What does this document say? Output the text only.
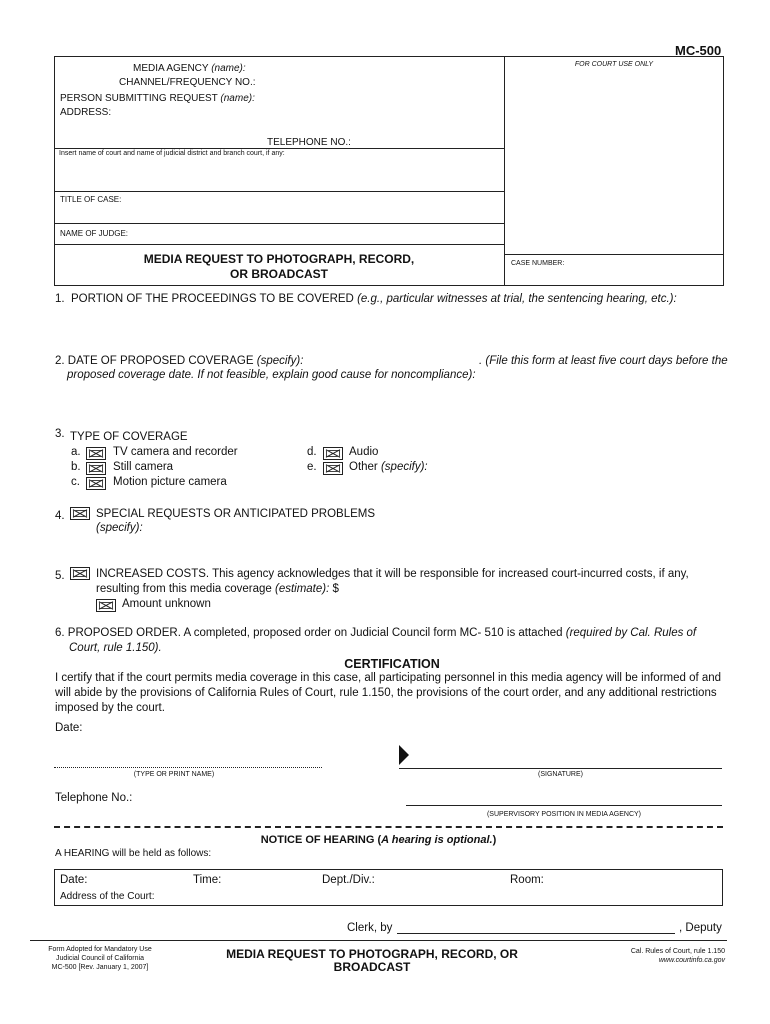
MC-500
MEDIA AGENCY (name):
CHANNEL/FREQUENCY NO.:
PERSON SUBMITTING REQUEST (name):
ADDRESS:
TELEPHONE NO.:
Insert name of court and name of judicial district and branch court, if any:
TITLE OF CASE:
NAME OF JUDGE:
MEDIA REQUEST TO PHOTOGRAPH, RECORD,
OR BROADCAST
FOR COURT USE ONLY
CASE NUMBER:
1. PORTION OF THE PROCEEDINGS TO BE COVERED (e.g., particular witnesses at trial, the sentencing hearing, etc.):
2. DATE OF PROPOSED COVERAGE (specify):	. (File this form at least five court days before the
proposed coverage date. If not feasible, explain good cause for noncompliance):
3. TYPE OF COVERAGE
a.	TV camera and recorder
b.	Still camera
c.	Motion picture camera
d.	Audio
e.	Other (specify):
4.	SPECIAL REQUESTS OR ANTICIPATED PROBLEMS
(specify):
5.	INCREASED COSTS. This agency acknowledges that it will be responsible for increased court-incurred costs, if any,
resulting from this media coverage (estimate): $
Amount unknown
6. PROPOSED ORDER. A completed, proposed order on Judicial Council form MC- 510 is attached (required by Cal. Rules of
Court, rule 1.150).
CERTIFICATION
I certify that if the court permits media coverage in this case, all participating personnel in this media agency will be informed of and
will abide by the provisions of California Rules of Court, rule 1.150, the provisions of the court order, and any additional restrictions
imposed by the court.
Date:
(TYPE OR PRINT NAME)	(SIGNATURE)
Telephone No.:
(SUPERVISORY POSITION IN MEDIA AGENCY)
NOTICE OF HEARING (A hearing is optional.)
A HEARING will be held as follows:
Date:	Time:	Dept./Div.:	Room:
Address of the Court:
Clerk, by	, Deputy
Form Adopted for Mandatory Use
Judicial Council of California
MC-500 [Rev. January 1, 2007]
MEDIA REQUEST TO PHOTOGRAPH, RECORD, OR
BROADCAST
Cal. Rules of Court, rule 1.150
www.courtinfo.ca.gov
